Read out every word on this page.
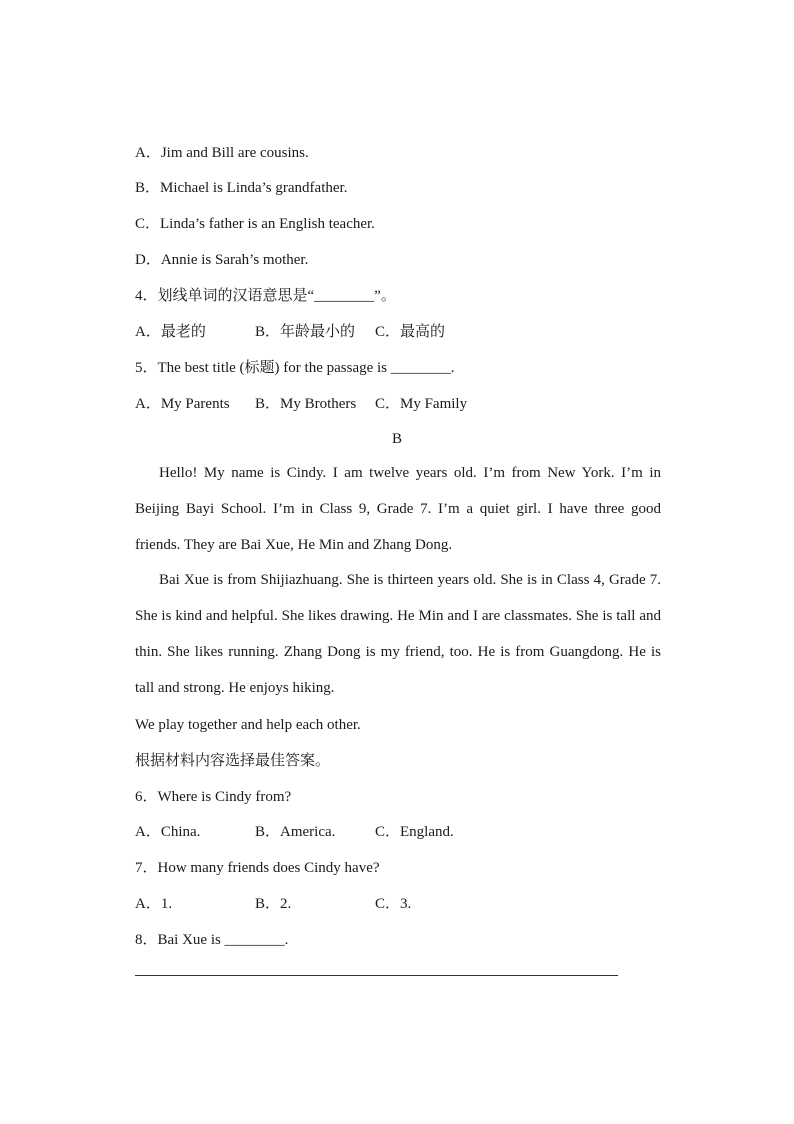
A．Jim and Bill are cousins.
B．Michael is Linda’s grandfather.
C．Linda’s father is an English teacher.
D．Annie is Sarah’s mother.
4．划线单词的汉语意思是“________”。

A．最老的

	B．年龄最小的

C．最高的

5．The best title (标题) for the passage is ________.

A．My Parents

B．My Brothers

C．My Family

B

Hello! My name is Cindy. I am twelve years old. I’m from New York. I’m in Beijing Bayi School. I’m in Class 9, Grade 7. I’m a quiet girl. I have three good friends. They are Bai Xue, He Min and Zhang Dong.

Bai Xue is from Shijiazhuang. She is thirteen years old. She is in Class 4, Grade 7. She is kind and helpful. She likes drawing. He Min and I are classmates. She is tall and thin. She likes running. Zhang Dong is my friend, too. He is from Guangdong. He is tall and strong. He enjoys hiking.

We play together and help each other.
根据材料内容选择最佳答案。
6．Where is Cindy from?

A．China.

	B．America.

	C．England.

7．How many friends does Cindy have?

A．1.

	B．2.

	C．3.

8．Bai Xue is ________.
